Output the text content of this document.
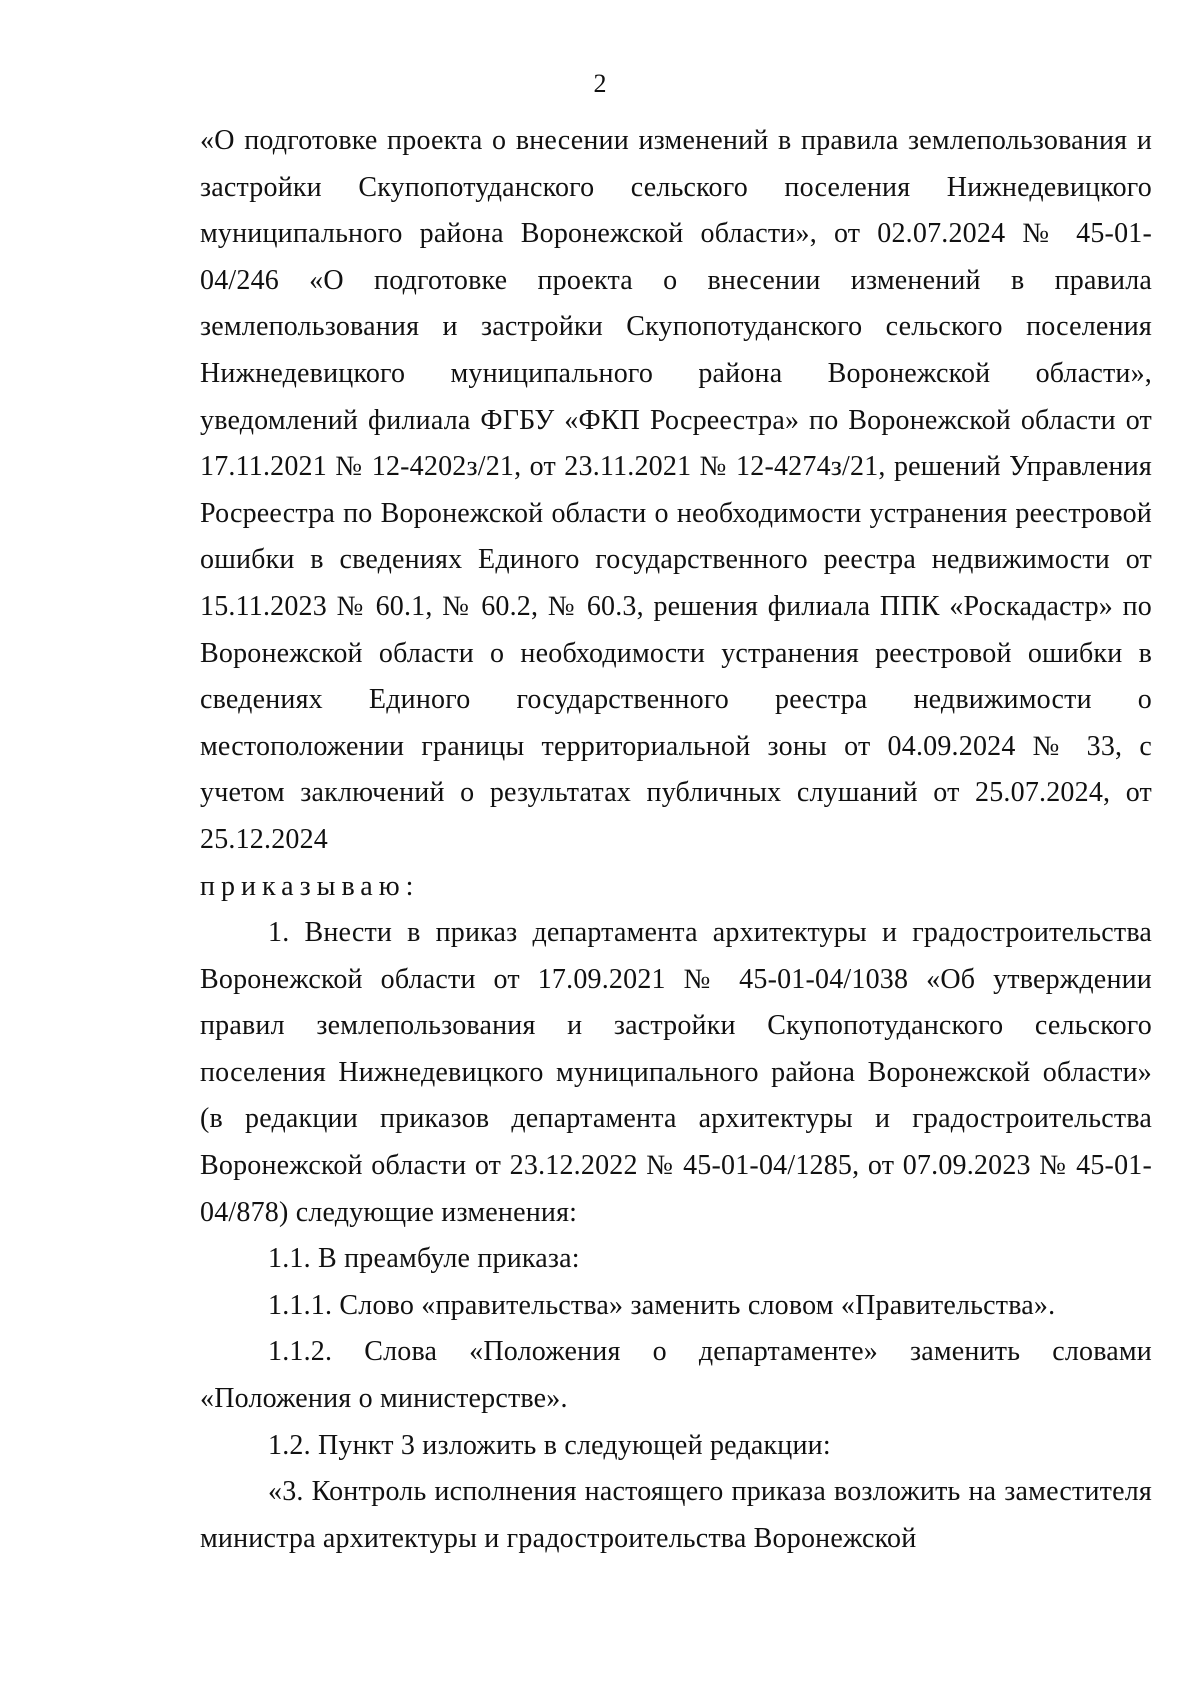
2

«О подготовке проекта о внесении изменений в правила землепользования и застройки Скупопотуданского сельского поселения Нижнедевицкого муниципального района Воронежской области», от 02.07.2024 № 45-01-04/246 «О подготовке проекта о внесении изменений в правила землепользования и застройки Скупопотуданского сельского поселения Нижнедевицкого муниципального района Воронежской области», уведомлений филиала ФГБУ «ФКП Росреестра» по Воронежской области от 17.11.2021 № 12-4202з/21, от 23.11.2021 № 12-4274з/21, решений Управления Росреестра по Воронежской области о необходимости устранения реестровой ошибки в сведениях Единого государственного реестра недвижимости от 15.11.2023 № 60.1, № 60.2, № 60.3, решения филиала ППК «Роскадастр» по Воронежской области о необходимости устранения реестровой ошибки в сведениях Единого государственного реестра недвижимости о местоположении границы территориальной зоны от 04.09.2024 № 33, с учетом заключений о результатах публичных слушаний от 25.07.2024, от 25.12.2024

приказываю:

1. Внести в приказ департамента архитектуры и градостроительства Воронежской области от 17.09.2021 № 45-01-04/1038 «Об утверждении правил землепользования и застройки Скупопотуданского сельского поселения Нижнедевицкого муниципального района Воронежской области» (в редакции приказов департамента архитектуры и градостроительства Воронежской области от 23.12.2022 № 45-01-04/1285, от 07.09.2023 № 45-01-04/878) следующие изменения:

1.1. В преамбуле приказа:

1.1.1. Слово «правительства» заменить словом «Правительства».

1.1.2. Слова «Положения о департаменте» заменить словами «Положения о министерстве».

1.2. Пункт 3 изложить в следующей редакции:

«3. Контроль исполнения настоящего приказа возложить на заместителя министра архитектуры и градостроительства Воронежской
